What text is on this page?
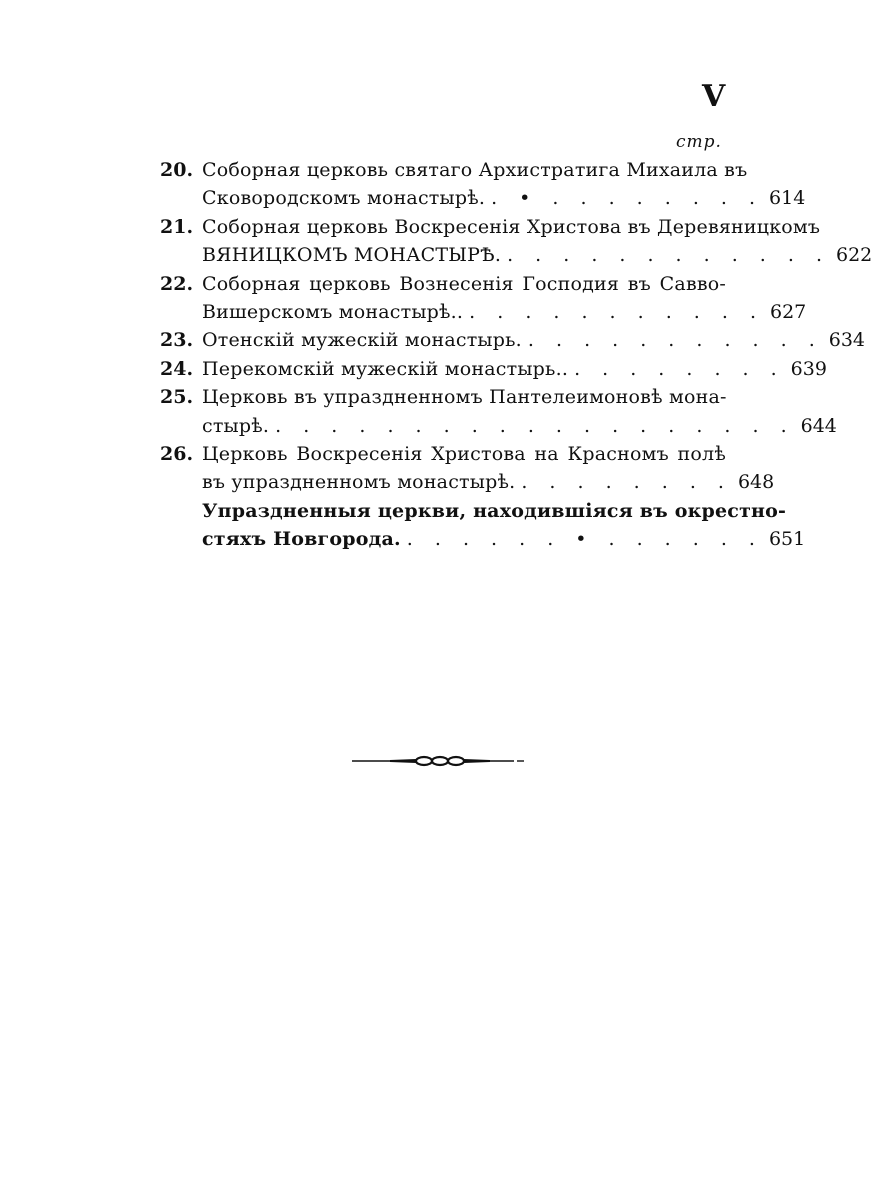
V
стр.
20. Соборная церковь святаго Архистратига Михаила въ
Сковородскомъ монастырѣ. . • . . . . . . . . 614
21. Соборная церковь Воскресенія Христова въ Деревяницкомъ
ВЯНИЦКОМЪ МОНАСТЫРѢ. . . . . . . . . . . . . 622
22. Соборная церковь Вознесенія Господия въ Савво-
Вишерскомъ монастырѣ.. . . . . . . . . . . . 627
23. Отенскій мужескій монастырь. . . . . . . . . . . . 634
24. Перекомскій мужескій монастырь.. . . . . . . . . 639
25. Церковь въ упраздненномъ Пантелеимоновѣ мона-
стырѣ. . . . . . . . . . . . . . . . . . . . 644
26. Церковь Воскресенія Христова на Красномъ полѣ
въ упраздненномъ монастырѣ. . . . . . . . . 648
Упраздненныя церкви, находившіяся въ окрестно-
стяхъ Новгорода. . . . . . . • . . . . . . 651
